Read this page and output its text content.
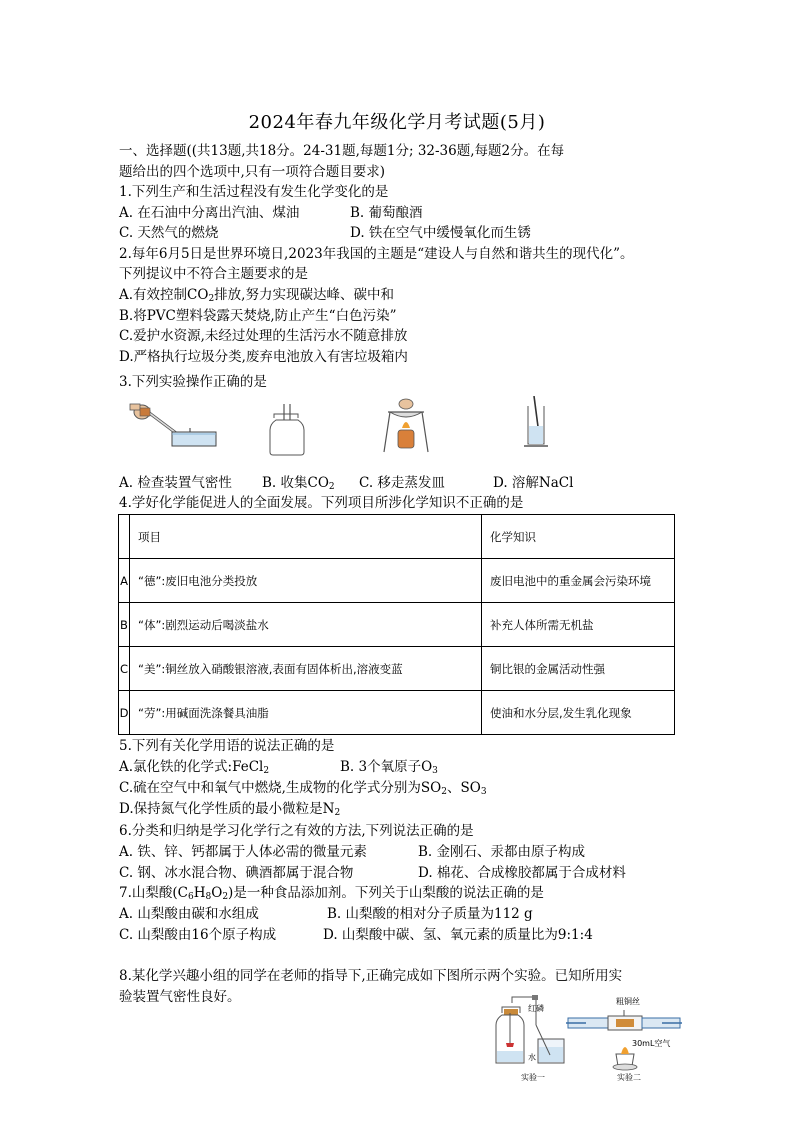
2024年春九年级化学月考试题(5月)
一、选择题((共13题,共18分。24-31题,每题1分; 32-36题,每题2分。在每
题给出的四个选项中,只有一项符合题目要求)
1.下列生产和生活过程没有发生化学变化的是
A. 在石油中分离出汽油、煤油	B. 葡萄酿酒
C. 天然气的燃烧	D. 铁在空气中缓慢氧化而生锈
2.每年6月5日是世界环境日,2023年我国的主题是“建设人与自然和谐共生的现代化”。
下列提议中不符合主题要求的是
A.有效控制$CO_2$排放,努力实现碳达峰、碳中和
B.将PVC塑料袋露天焚烧,防止产生“白色污染”
C.爱护水资源,未经过处理的生活污水不随意排放
D.严格执行垃圾分类,废弃电池放入有害垃圾箱内
3.下列实验操作正确的是
A. 检查装置气密性 B. 收集$CO_2$ C. 移走蒸发皿	D. 溶解NaCl
4.学好化学能促进人的全面发展。下列项目所涉化学知识不正确的是
	项目	化学知识
A	“德”:废旧电池分类投放	废旧电池中的重金属会污染环境
B	“体”:剧烈运动后喝淡盐水	补充人体所需无机盐
C	“美”:铜丝放入硝酸银溶液,表面有固体析出,溶液变蓝	铜比银的金属活动性强
D	“劳”:用碱面洗涤餐具油脂	使油和水分层,发生乳化现象
5.下列有关化学用语的说法正确的是
A.氯化铁的化学式:FeCl$_2$	B. 3个氧原子$O_3$
C.硫在空气中和氧气中燃烧,生成物的化学式分别为$SO_2$、$SO_3$
D.保持氮气化学性质的最小微粒是$N_2$
6.分类和归纳是学习化学行之有效的方法,下列说法正确的是
A. 铁、锌、钙都属于人体必需的微量元素	B. 金刚石、汞都由原子构成
C. 钢、冰水混合物、碘酒都属于混合物	D. 棉花、合成橡胶都属于合成材料
7.山梨酸$(C_6H_8O_2)$是一种食品添加剂。下列关于山梨酸的说法正确的是
A. 山梨酸由碳和水组成	B. 山梨酸的相对分子质量为112 g
C. 山梨酸由16个原子构成	D. 山梨酸中碳、氢、氧元素的质量比为9:1:4
8.某化学兴趣小组的同学在老师的指导下,正确完成如下图所示两个实验。已知所用实
验装置气密性良好。
红磷
水
实验一
粗铜丝
30mL空气
实验二
